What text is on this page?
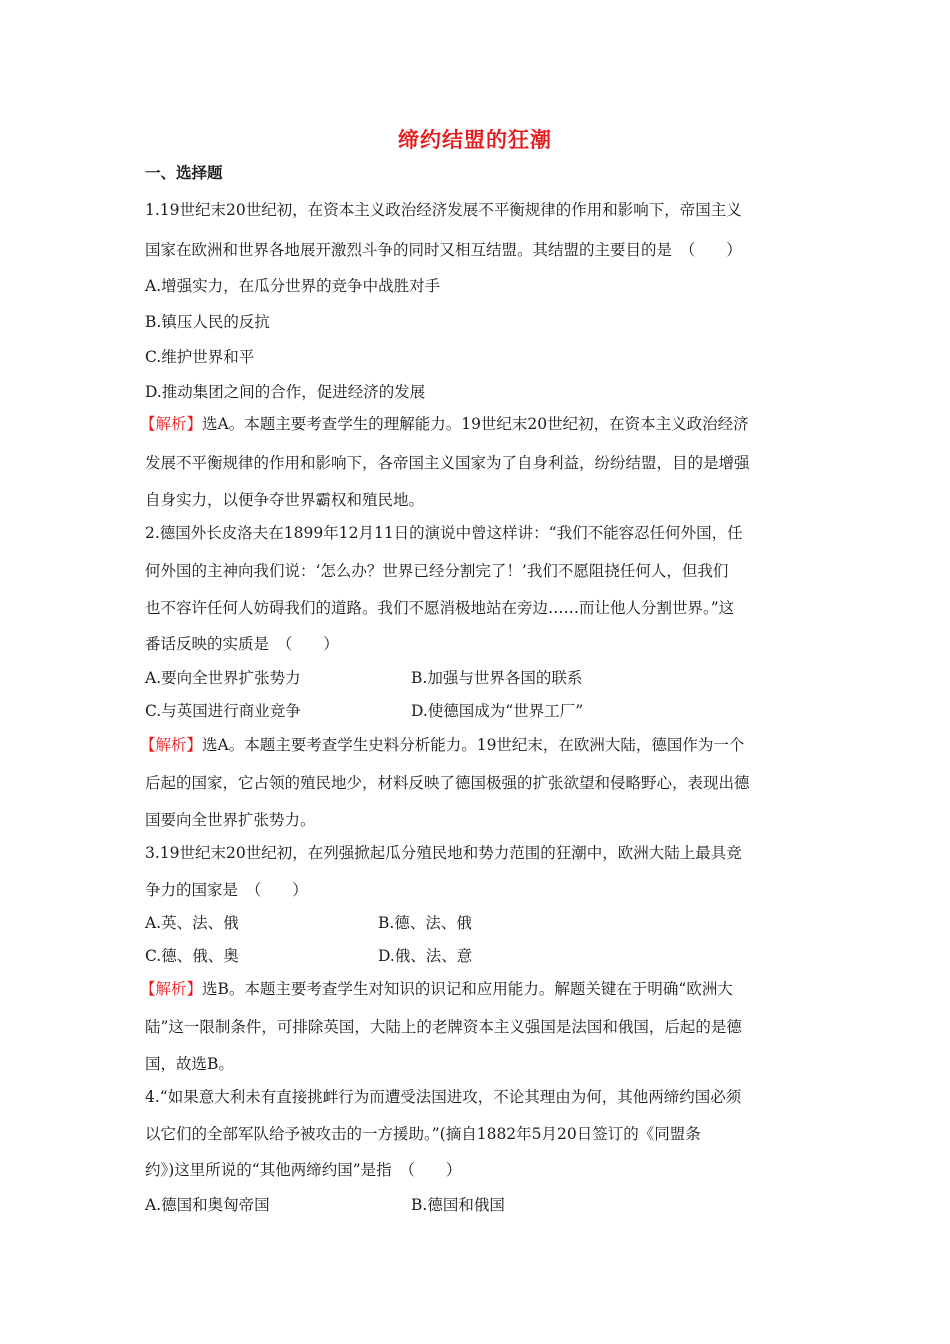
缔约结盟的狂潮
一、选择题
1.19世纪末20世纪初，在资本主义政治经济发展不平衡规律的作用和影响下，帝国主义
国家在欧洲和世界各地展开激烈斗争的同时又相互结盟。其结盟的主要目的是　（　　）
A.增强实力，在瓜分世界的竞争中战胜对手
B.镇压人民的反抗
C.维护世界和平
D.推动集团之间的合作，促进经济的发展
【解析】选A。本题主要考查学生的理解能力。19世纪末20世纪初，在资本主义政治经济
发展不平衡规律的作用和影响下，各帝国主义国家为了自身利益，纷纷结盟，目的是增强
自身实力，以便争夺世界霸权和殖民地。
2.德国外长皮洛夫在1899年12月11日的演说中曾这样讲：“我们不能容忍任何外国，任
何外国的主神向我们说：‘怎么办？世界已经分割完了！’我们不愿阻挠任何人，但我们
也不容许任何人妨碍我们的道路。我们不愿消极地站在旁边……而让他人分割世界。”这
番话反映的实质是　（　　）
A.要向全世界扩张势力	B.加强与世界各国的联系
C.与英国进行商业竞争	D.使德国成为“世界工厂”
【解析】选A。本题主要考查学生史料分析能力。19世纪末，在欧洲大陆，德国作为一个
后起的国家，它占领的殖民地少，材料反映了德国极强的扩张欲望和侵略野心，表现出德
国要向全世界扩张势力。
3.19世纪末20世纪初，在列强掀起瓜分殖民地和势力范围的狂潮中，欧洲大陆上最具竞
争力的国家是　（　　）
A.英、法、俄	B.德、法、俄
C.德、俄、奥	D.俄、法、意
【解析】选B。本题主要考查学生对知识的识记和应用能力。解题关键在于明确“欧洲大
陆”这一限制条件，可排除英国，大陆上的老牌资本主义强国是法国和俄国，后起的是德
国，故选B。
4.“如果意大利未有直接挑衅行为而遭受法国进攻，不论其理由为何，其他两缔约国必须
以它们的全部军队给予被攻击的一方援助。”(摘自1882年5月20日签订的《同盟条
约》)这里所说的“其他两缔约国”是指　（　　）
A.德国和奥匈帝国	B.德国和俄国
